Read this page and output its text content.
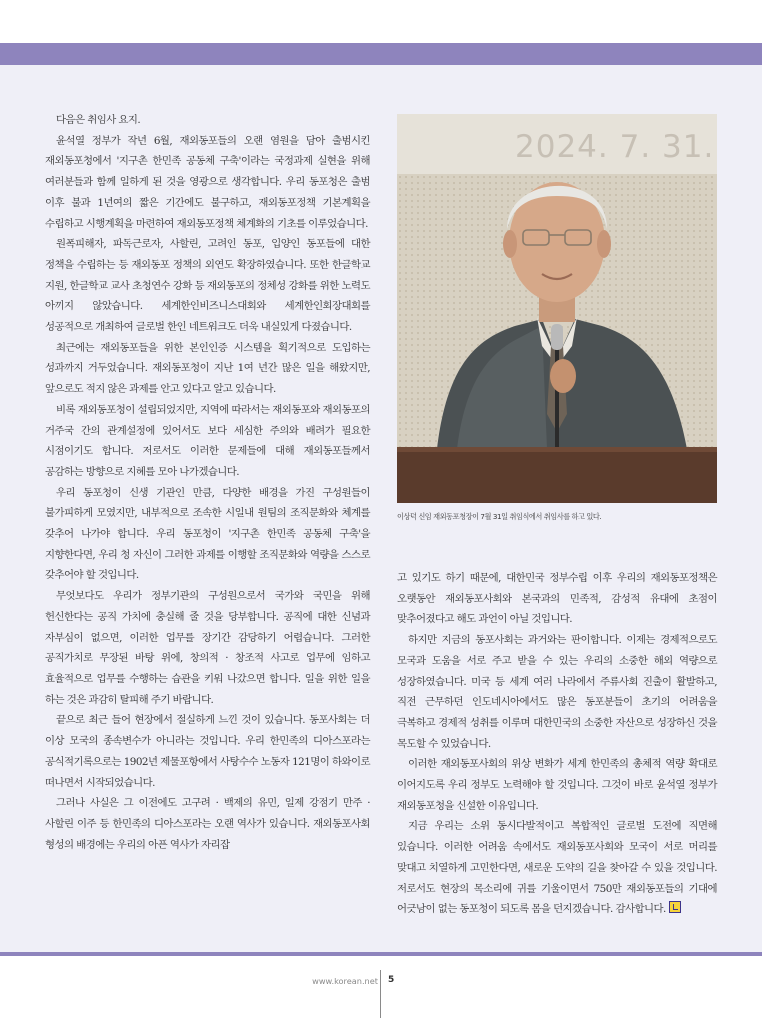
다음은 취임사 요지.

윤석열 정부가 작년 6월, 재외동포들의 오랜 염원을 담아 출범시킨 재외동포청에서 '지구촌 한민족 공동체 구축'이라는 국정과제 실현을 위해 여러분들과 함께 일하게 된 것을 영광으로 생각합니다. 우리 동포청은 출범 이후 불과 1년여의 짧은 기간에도 불구하고, 재외동포정책 기본계획을 수립하고 시행계획을 마련하여 재외동포정책 체계화의 기초를 이루었습니다.

원폭피해자, 파독근로자, 사할린, 고려인 동포, 입양인 동포들에 대한 정책을 수립하는 등 재외동포 정책의 외연도 확장하였습니다. 또한 한글학교 지원, 한글학교 교사 초청연수 강화 등 재외동포의 정체성 강화를 위한 노력도 아끼지 않았습니다. 세계한인비즈니스대회와 세계한인회장대회를 성공적으로 개최하여 글로벌 한인 네트워크도 더욱 내실있게 다졌습니다.

최근에는 재외동포들을 위한 본인인증 시스템을 획기적으로 도입하는 성과까지 거두었습니다. 재외동포청이 지난 1여 년간 많은 일을 해왔지만, 앞으로도 적지 않은 과제를 안고 있다고 알고 있습니다.

비록 재외동포청이 설립되었지만, 지역에 따라서는 재외동포와 재외동포의 거주국 간의 관계설정에 있어서도 보다 세심한 주의와 배려가 필요한 시점이기도 합니다. 저로서도 이러한 문제들에 대해 재외동포들께서 공감하는 방향으로 지혜를 모아 나가겠습니다.

우리 동포청이 신생 기관인 만큼, 다양한 배경을 가진 구성원들이 불가피하게 모였지만, 내부적으로 조속한 시일내 원팀의 조직문화와 체계를 갖추어 나가야 합니다. 우리 동포청이 '지구촌 한민족 공동체 구축'을 지향한다면, 우리 청 자신이 그러한 과제를 이행할 조직문화와 역량을 스스로 갖추어야 할 것입니다.

무엇보다도 우리가 정부기관의 구성원으로서 국가와 국민을 위해 헌신한다는 공직 가치에 충실해 줄 것을 당부합니다. 공직에 대한 신념과 자부심이 없으면, 이러한 업무를 장기간 감당하기 어렵습니다. 그러한 공직가치로 무장된 바탕 위에, 창의적 · 창조적 사고로 업무에 임하고 효율적으로 업무를 수행하는 습관을 키워 나갔으면 합니다. 일을 위한 일을 하는 것은 과감히 탈피해 주기 바랍니다.

끝으로 최근 들어 현장에서 절실하게 느낀 것이 있습니다. 동포사회는 더 이상 모국의 종속변수가 아니라는 것입니다. 우리 한민족의 디아스포라는 공식적기록으로는 1902년 제물포항에서 사탕수수 노동자 121명이 하와이로 떠나면서 시작되었습니다.

그러나 사실은 그 이전에도 고구려 · 백제의 유민, 일제 강점기 만주 · 사할린 이주 등 한민족의 디아스포라는 오랜 역사가 있습니다. 재외동포사회 형성의 배경에는 우리의 아픈 역사가 자리잡

2024. 7. 31.
이상덕 신임 재외동포청장이 7월 31일 취임식에서 취임사를 하고 있다.

고 있기도 하기 때문에, 대한민국 정부수립 이후 우리의 재외동포정책은 오랫동안 재외동포사회와 본국과의 민족적, 감성적 유대에 초점이 맞추어졌다고 해도 과언이 아닐 것입니다.

하지만 지금의 동포사회는 과거와는 판이합니다. 이제는 경제적으로도 모국과 도움을 서로 주고 받을 수 있는 우리의 소중한 해외 역량으로 성장하였습니다. 미국 등 세계 여러 나라에서 주류사회 진출이 활발하고, 직전 근무하던 인도네시아에서도 많은 동포분들이 초기의 어려움을 극복하고 경제적 성취를 이루며 대한민국의 소중한 자산으로 성장하신 것을 목도할 수 있었습니다.

이러한 재외동포사회의 위상 변화가 세계 한민족의 총체적 역량 확대로 이어지도록 우리 정부도 노력해야 할 것입니다. 그것이 바로 윤석열 정부가 재외동포청을 신설한 이유입니다.

지금 우리는 소위 동시다발적이고 복합적인 글로벌 도전에 직면해 있습니다. 이러한 어려움 속에서도 재외동포사회와 모국이 서로 머리를 맞대고 치열하게 고민한다면, 새로운 도약의 길을 찾아갈 수 있을 것입니다. 저로서도 현장의 목소리에 귀를 기울이면서 750만 재외동포들의 기대에 어긋남이 없는 동포청이 되도록 몸을 던지겠습니다. 감사합니다.

www.korean.net 5
